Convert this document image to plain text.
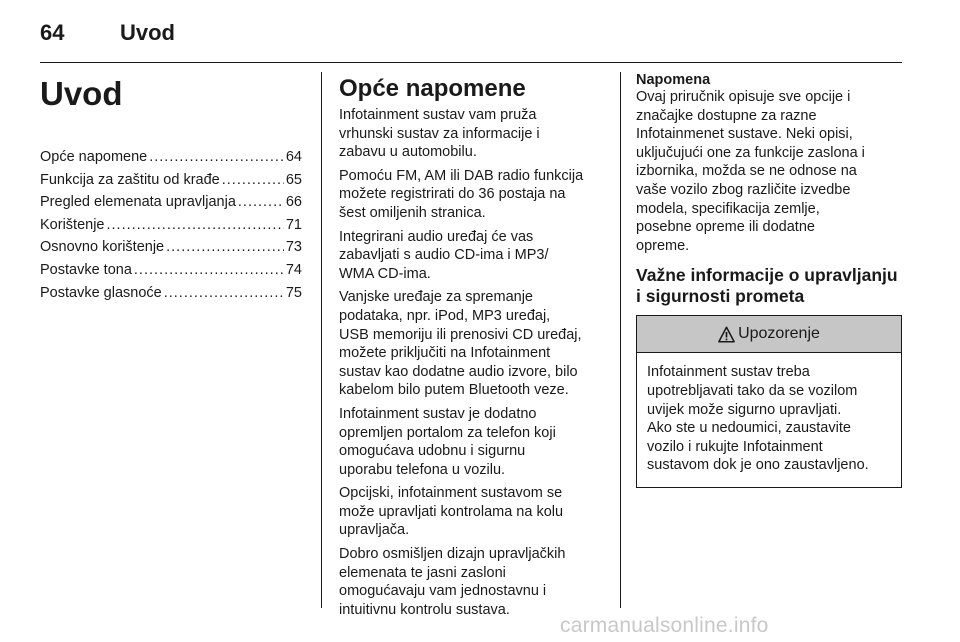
64	Uvod
Uvod
Opće napomene .....	64
Funkcija za zaštitu od krađe .....	65
Pregled elemenata upravljanja .....	66
Korištenje .....	71
Osnovno korištenje .....	73
Postavke tona .....	74
Postavke glasnoće .....	75
Opće napomene

Infotainment sustav vam pruža
vrhunski sustav za informacije i
zabavu u automobilu.

Pomoću FM, AM ili DAB radio funkcija
možete registrirati do 36 postaja na
šest omiljenih stranica.

Integrirani audio uređaj će vas
zabavljati s audio CD-ima i MP3/
WMA CD-ima.

Vanjske uređaje za spremanje
podataka, npr. iPod, MP3 uređaj,
USB memoriju ili prenosivi CD uređaj,
možete priključiti na Infotainment
sustav kao dodatne audio izvore, bilo
kabelom bilo putem Bluetooth veze.

Infotainment sustav je dodatno
opremljen portalom za telefon koji
omogućava udobnu i sigurnu
uporabu telefona u vozilu.

Opcijski, infotainment sustavom se
može upravljati kontrolama na kolu
upravljača.

Dobro osmišljen dizajn upravljačkih
elemenata te jasni zasloni
omogućavaju vam jednostavnu i
intuitivnu kontrolu sustava.

Napomena

Ovaj priručnik opisuje sve opcije i
značajke dostupne za razne
Infotainmenet sustave. Neki opisi,
uključujući one za funkcije zaslona i
izbornika, možda se ne odnose na
vaše vozilo zbog različite izvedbe
modela, specifikacija zemlje,
posebne opreme ili dodatne
opreme.

Važne informacije o upravljanju
i sigurnosti prometa
Upozorenje

Infotainment sustav treba
upotrebljavati tako da se vozilom
uvijek može sigurno upravljati.
Ako ste u nedoumici, zaustavite
vozilo i rukujte Infotainment
sustavom dok je ono zaustavljeno.

carmanualsonline.info
